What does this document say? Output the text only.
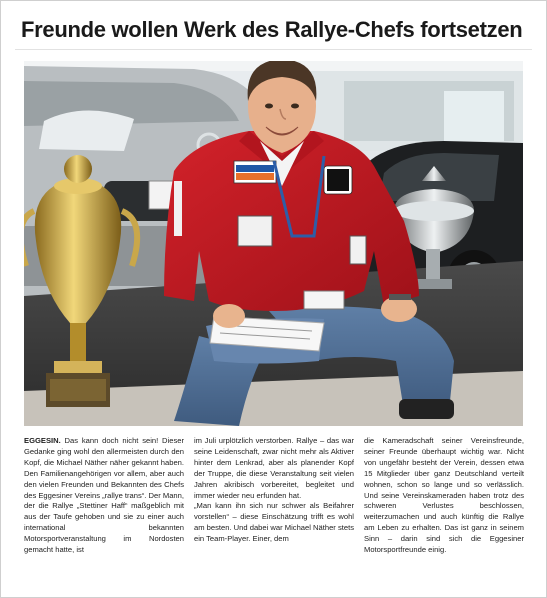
Freunde wollen Werk des Rallye-Chefs fortsetzen

EGGESIN. Das kann doch nicht sein! Dieser Gedanke ging wohl den allermeisten durch den Kopf, die Michael Näther näher gekannt haben. Den Familienangehörigen vor allem, aber auch den vielen Freunden und Bekannten des Chefs des Eggesiner Vereins „rallye trans“. Der Mann, der die Rallye „Stettiner Haff“ maßgeblich mit aus der Taufe gehoben und sie zu einer auch international bekannten Motorsportveranstaltung im Nordosten gemacht hatte, ist

im Juli urplötzlich verstorben. Rallye – das war seine Leidenschaft, zwar nicht mehr als Aktiver hinter dem Lenkrad, aber als planender Kopf der Truppe, die diese Veranstaltung seit vielen Jahren akribisch vorbereitet, begleitet und immer wieder neu erfunden hat.

„Man kann ihn sich nur schwer als Beifahrer vorstellen“ – diese Einschätzung trifft es wohl am besten. Und dabei war Michael Näther stets ein Team-Player. Einer, dem

die Kameradschaft seiner Vereinsfreunde, seiner Freunde überhaupt wichtig war. Nicht von ungefähr besteht der Verein, dessen etwa 15 Mitglieder über ganz Deutschland verteilt wohnen, schon so lange und so verlässlich. Und seine Vereinskameraden haben trotz des schweren Verlustes beschlossen, weiterzumachen und auch künftig die Rallye am Leben zu erhalten. Das ist ganz in seinem Sinn – darin sind sich die Eggesiner Motorsportfreunde einig.
